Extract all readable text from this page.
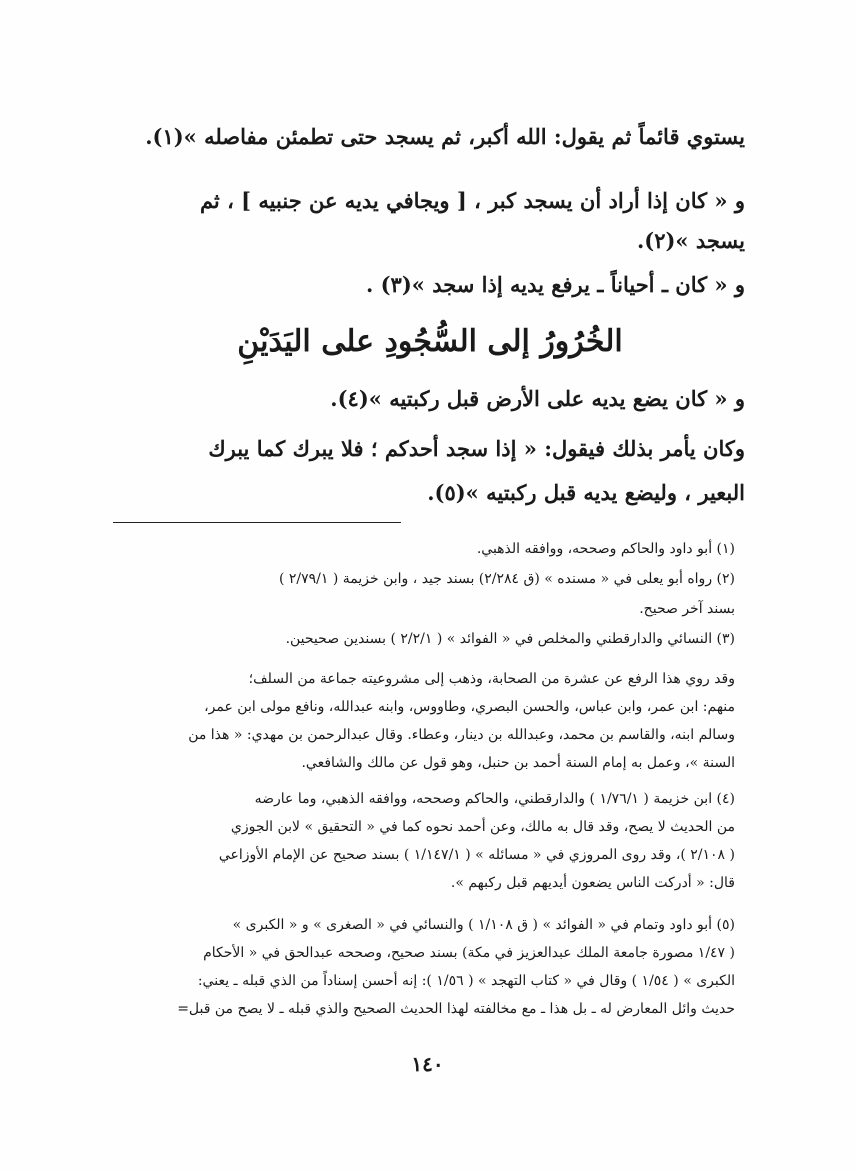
يستوي قائماً ثم يقول: الله أكبر، ثم يسجد حتى تطمئن مفاصله »(١).
و « كان إذا أراد أن يسجد كبر ، [ ويجافي يديه عن جنبيه ] ، ثم
يسجد »(٢).
و « كان ـ أحياناً ـ يرفع يديه إذا سجد »(٣) .
الخُرُورُ إلى السُّجُودِ على اليَدَيْنِ
و « كان يضع يديه على الأرض قبل ركبتيه »(٤).
وكان يأمر بذلك فيقول: « إذا سجد أحدكم ؛ فلا يبرك كما يبرك
البعير ، وليضع يديه قبل ركبتيه »(٥).
(١) أبو داود والحاكم وصححه، ووافقه الذهبي.
(٢) رواه أبو يعلى في « مسنده » (ق ٢/٢٨٤) بسند جيد ، وابن خزيمة ( ٢/٧٩/١ )
بسند آخر صحيح.
(٣) النسائي والدارقطني والمخلص في « الفوائد » ( ٢/٢/١ ) بسندين صحيحين.
وقد روي هذا الرفع عن عشرة من الصحابة، وذهب إلى مشروعيته جماعة من السلف؛
منهم: ابن عمر، وابن عباس، والحسن البصري، وطاووس، وابنه عبدالله، ونافع مولى ابن عمر،
وسالم ابنه، والقاسم بن محمد، وعبدالله بن دينار، وعطاء. وقال عبدالرحمن بن مهدي: « هذا من
السنة »، وعمل به إمام السنة أحمد بن حنبل، وهو قول عن مالك والشافعي.
(٤) ابن خزيمة ( ١/٧٦/١ ) والدارقطني، والحاكم وصححه، ووافقه الذهبي، وما عارضه
من الحديث لا يصح، وقد قال به مالك، وعن أحمد نحوه كما في « التحقيق » لابن الجوزي
( ٢/١٠٨ )، وقد روى المروزي في « مسائله » ( ١/١٤٧/١ ) بسند صحيح عن الإمام الأوزاعي
قال: « أدركت الناس يضعون أيديهم قبل ركبهم ».
(٥) أبو داود وتمام في « الفوائد » ( ق ١/١٠٨ ) والنسائي في « الصغرى » و « الكبرى »
( ١/٤٧ مصورة جامعة الملك عبدالعزيز في مكة) بسند صحيح، وصححه عبدالحق في « الأحكام
الكبرى » ( ١/٥٤ ) وقال في « كتاب التهجد » ( ١/٥٦ ): إنه أحسن إسناداً من الذي قبله ـ يعني:
حديث وائل المعارض له ـ بل هذا ـ مع مخالفته لهذا الحديث الصحيح والذي قبله ـ لا يصح من قبل=
١٤٠
